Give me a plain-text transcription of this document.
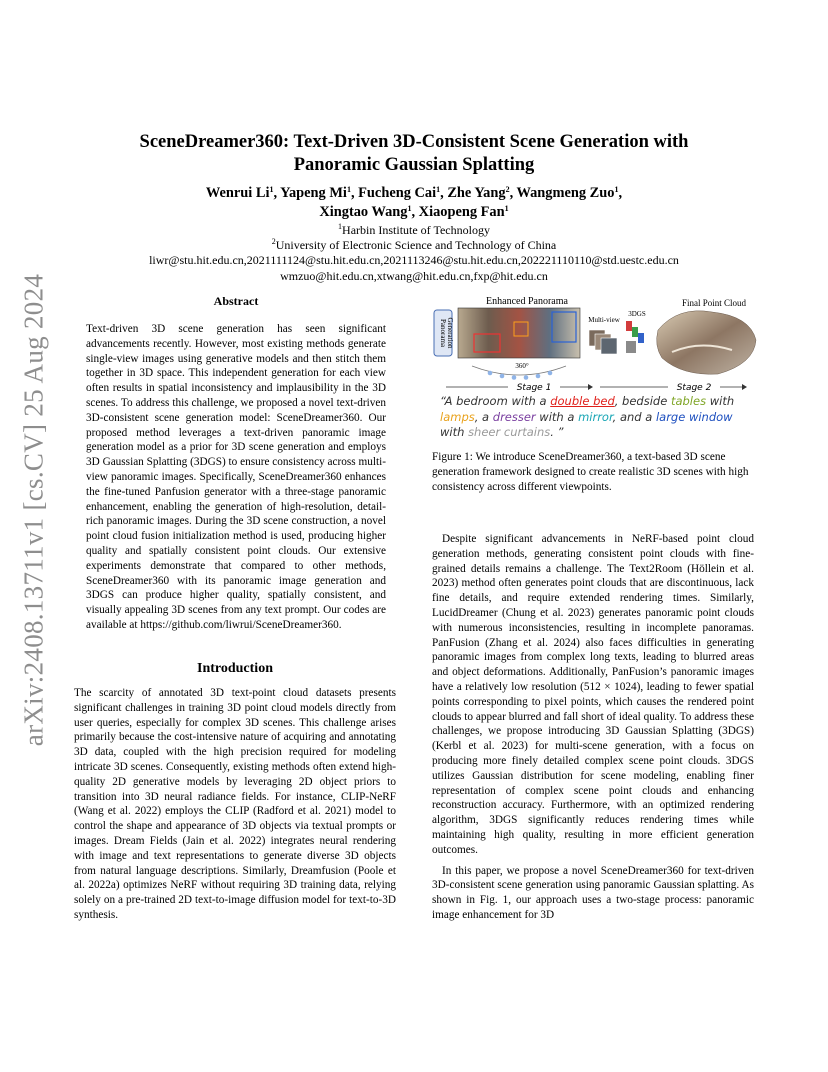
arXiv:2408.13711v1 [cs.CV] 25 Aug 2024
SceneDreamer360: Text-Driven 3D-Consistent Scene Generation with
Panoramic Gaussian Splatting
Wenrui Li$^1$, Yapeng Mi$^1$, Fucheng Cai$^1$, Zhe Yang$^2$, Wangmeng Zuo$^1$,
Xingtao Wang$^1$, Xiaopeng Fan$^1$
$^1$Harbin Institute of Technology
$^2$University of Electronic Science and Technology of China
liwr@stu.hit.edu.cn,2021111124@stu.hit.edu.cn,2021113246@stu.hit.edu.cn,202221110110@std.uestc.edu.cn
wmzuo@hit.edu.cn,xtwang@hit.edu.cn,fxp@hit.edu.cn
Abstract
Text-driven 3D scene generation has seen significant advancements recently. However, most existing methods generate single-view images using generative models and then stitch them together in 3D space. This independent generation for each view often results in spatial inconsistency and implausibility in the 3D scenes. To address this challenge, we proposed a novel text-driven 3D-consistent scene generation model: SceneDreamer360. Our proposed method leverages a text-driven panoramic image generation model as a prior for 3D scene generation and employs 3D Gaussian Splatting (3DGS) to ensure consistency across multi-view panoramic images. Specifically, SceneDreamer360 enhances the fine-tuned Panfusion generator with a three-stage panoramic enhancement, enabling the generation of high-resolution, detail-rich panoramic images. During the 3D scene construction, a novel point cloud fusion initialization method is used, producing higher quality and spatially consistent point clouds. Our extensive experiments demonstrate that compared to other methods, SceneDreamer360 with its panoramic image generation and 3DGS can produce higher quality, spatially consistent, and visually appealing 3D scenes from any text prompt. Our codes are available at https://github.com/liwrui/SceneDreamer360.
Introduction

The scarcity of annotated 3D text-point cloud datasets presents significant challenges in training 3D point cloud models directly from user queries, especially for complex 3D scenes. This challenge arises primarily because the cost-intensive nature of acquiring and annotating 3D data, coupled with the high precision required for modeling intricate 3D scenes. Consequently, existing methods often extend high-quality 2D generative models by leveraging 2D object priors to transition into 3D neural radiance fields. For instance, CLIP-NeRF (Wang et al. 2022) employs the CLIP (Radford et al. 2021) model to control the shape and appearance of 3D objects via textual prompts or images. Dream Fields (Jain et al. 2022) integrates neural rendering with image and text representations to generate diverse 3D objects from natural language descriptions. Similarly, Dreamfusion (Poole et al. 2022a) optimizes NeRF without requiring 3D training data, relying solely on a pre-trained 2D text-to-image diffusion model for text-to-3D synthesis.

Enhanced Panorama	Final Point Cloud
Panorama Generation
360°
Multi-view
3DGS
Stage 1	Stage 2
“A bedroom with a double bed, bedside tables with lamps, a dresser with a mirror, and a large window with sheer curtains. ”
Figure 1: We introduce SceneDreamer360, a text-based 3D scene generation framework designed to create realistic 3D scenes with high consistency across different viewpoints.

Despite significant advancements in NeRF-based point cloud generation methods, generating consistent point clouds with fine-grained details remains a challenge. The Text2Room (Höllein et al. 2023) method often generates point clouds that are discontinuous, lack fine details, and require extended rendering times. Similarly, LucidDreamer (Chung et al. 2023) generates panoramic point clouds with numerous inconsistencies, resulting in incomplete panoramas. PanFusion (Zhang et al. 2024) also faces difficulties in generating panoramic images from complex long texts, leading to blurred areas and object deformations. Additionally, PanFusion’s panoramic images have a relatively low resolution (512 × 1024), leading to fewer spatial points corresponding to pixel points, which causes the rendered point clouds to appear blurred and fall short of ideal quality. To address these challenges, we propose introducing 3D Gaussian Splatting (3DGS) (Kerbl et al. 2023) for multi-scene generation, with a focus on producing more finely detailed complex scene point clouds. 3DGS utilizes Gaussian distribution for scene modeling, enabling finer representation of complex scene point clouds and enhancing reconstruction accuracy. Furthermore, with an optimized rendering algorithm, 3DGS significantly reduces rendering times while maintaining high quality, resulting in more efficient generation outcomes.

In this paper, we propose a novel SceneDreamer360 for text-driven 3D-consistent scene generation using panoramic Gaussian splatting. As shown in Fig. 1, our approach uses a two-stage process: panoramic image enhancement for 3D
